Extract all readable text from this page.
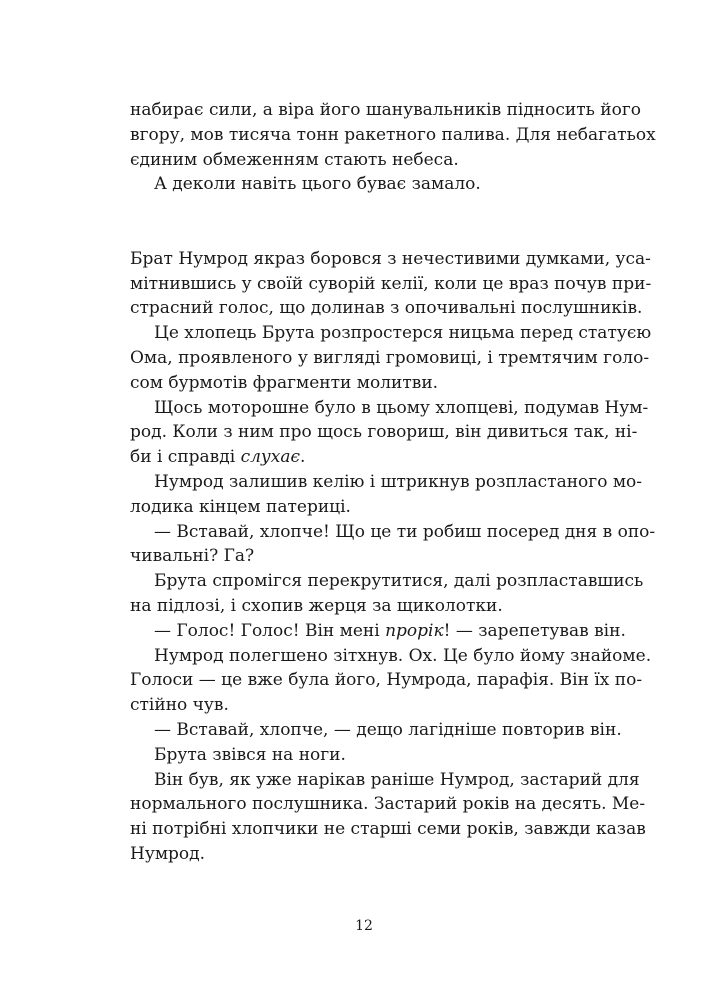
набирає сили, а віра його шанувальників підносить його
вгору, мов тисяча тонн ракетного палива. Для небагатьох
єдиним обмеженням стають небеса.
А деколи навіть цього буває замало.
Брат Нумрод якраз боровся з нечестивими думками, уса-
мітнившись у своїй суворій келії, коли це враз почув при-
страсний голос, що долинав з опочивальні послушників.
Це хлопець Брута розпростерся ницьма перед статуєю
Ома, проявленого у вигляді громовиці, і тремтячим голо-
сом бурмотів фрагменти молитви.
Щось моторошне було в цьому хлопцеві, подумав Нум-
род. Коли з ним про щось говориш, він дивиться так, ні-
би і справді слухає.
Нумрод залишив келію і штрикнув розпластаного мо-
лодика кінцем патериці.
— Вставай, хлопче! Що це ти робиш посеред дня в опо-
чивальні? Га?
Брута спромігся перекрутитися, далі розпластавшись
на підлозі, і схопив жерця за щиколотки.
— Голос! Голос! Він мені прорік! — зарепетував він.
Нумрод полегшено зітхнув. Ох. Це було йому знайоме.
Голоси — це вже була його, Нумрода, парафія. Він їх по-
стійно чув.
— Вставай, хлопче, — дещо лагідніше повторив він.
Брута звівся на ноги.
Він був, як уже нарікав раніше Нумрод, застарий для
нормального послушника. Застарий років на десять. Ме-
ні потрібні хлопчики не старші семи років, завжди казав
Нумрод.
12
